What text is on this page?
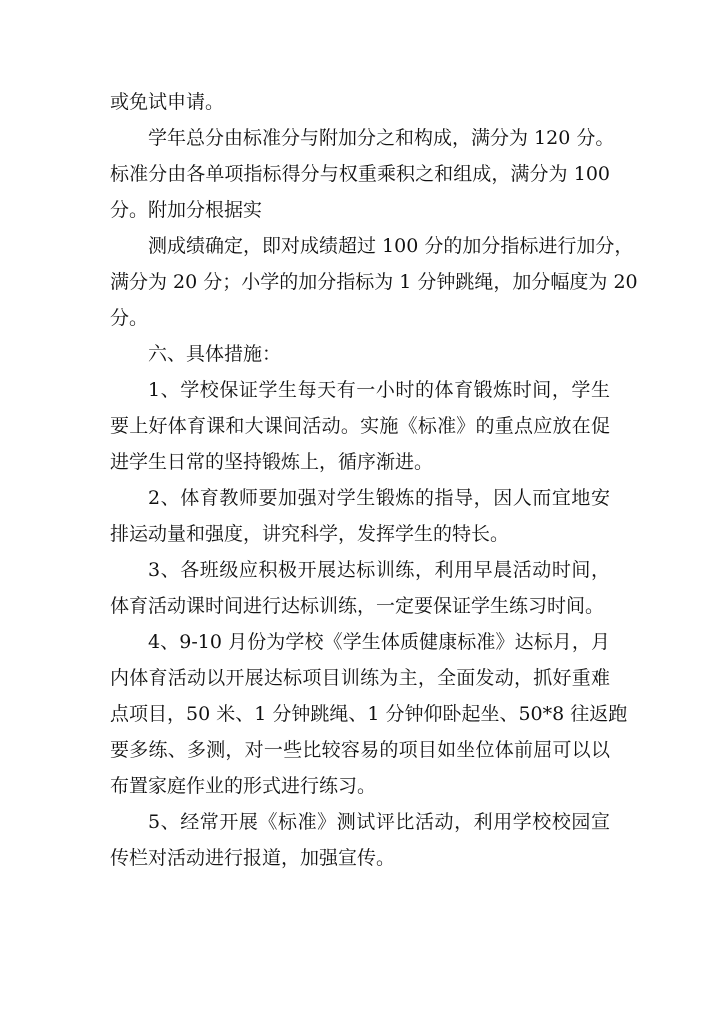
或免试申请。
学年总分由标准分与附加分之和构成，满分为 120 分。
标准分由各单项指标得分与权重乘积之和组成，满分为 100
分。附加分根据实
测成绩确定，即对成绩超过 100 分的加分指标进行加分，
满分为 20 分；小学的加分指标为 1 分钟跳绳，加分幅度为 20
分。
六、具体措施：
1、学校保证学生每天有一小时的体育锻炼时间，学生
要上好体育课和大课间活动。实施《标准》的重点应放在促
进学生日常的坚持锻炼上，循序渐进。
2、体育教师要加强对学生锻炼的指导，因人而宜地安
排运动量和强度，讲究科学，发挥学生的特长。
3、各班级应积极开展达标训练，利用早晨活动时间，
体育活动课时间进行达标训练，一定要保证学生练习时间。
4、9-10 月份为学校《学生体质健康标准》达标月，月
内体育活动以开展达标项目训练为主，全面发动，抓好重难
点项目，50 米、1 分钟跳绳、1 分钟仰卧起坐、50*8 往返跑
要多练、多测，对一些比较容易的项目如坐位体前屈可以以
布置家庭作业的形式进行练习。
5、经常开展《标准》测试评比活动，利用学校校园宣
传栏对活动进行报道，加强宣传。
